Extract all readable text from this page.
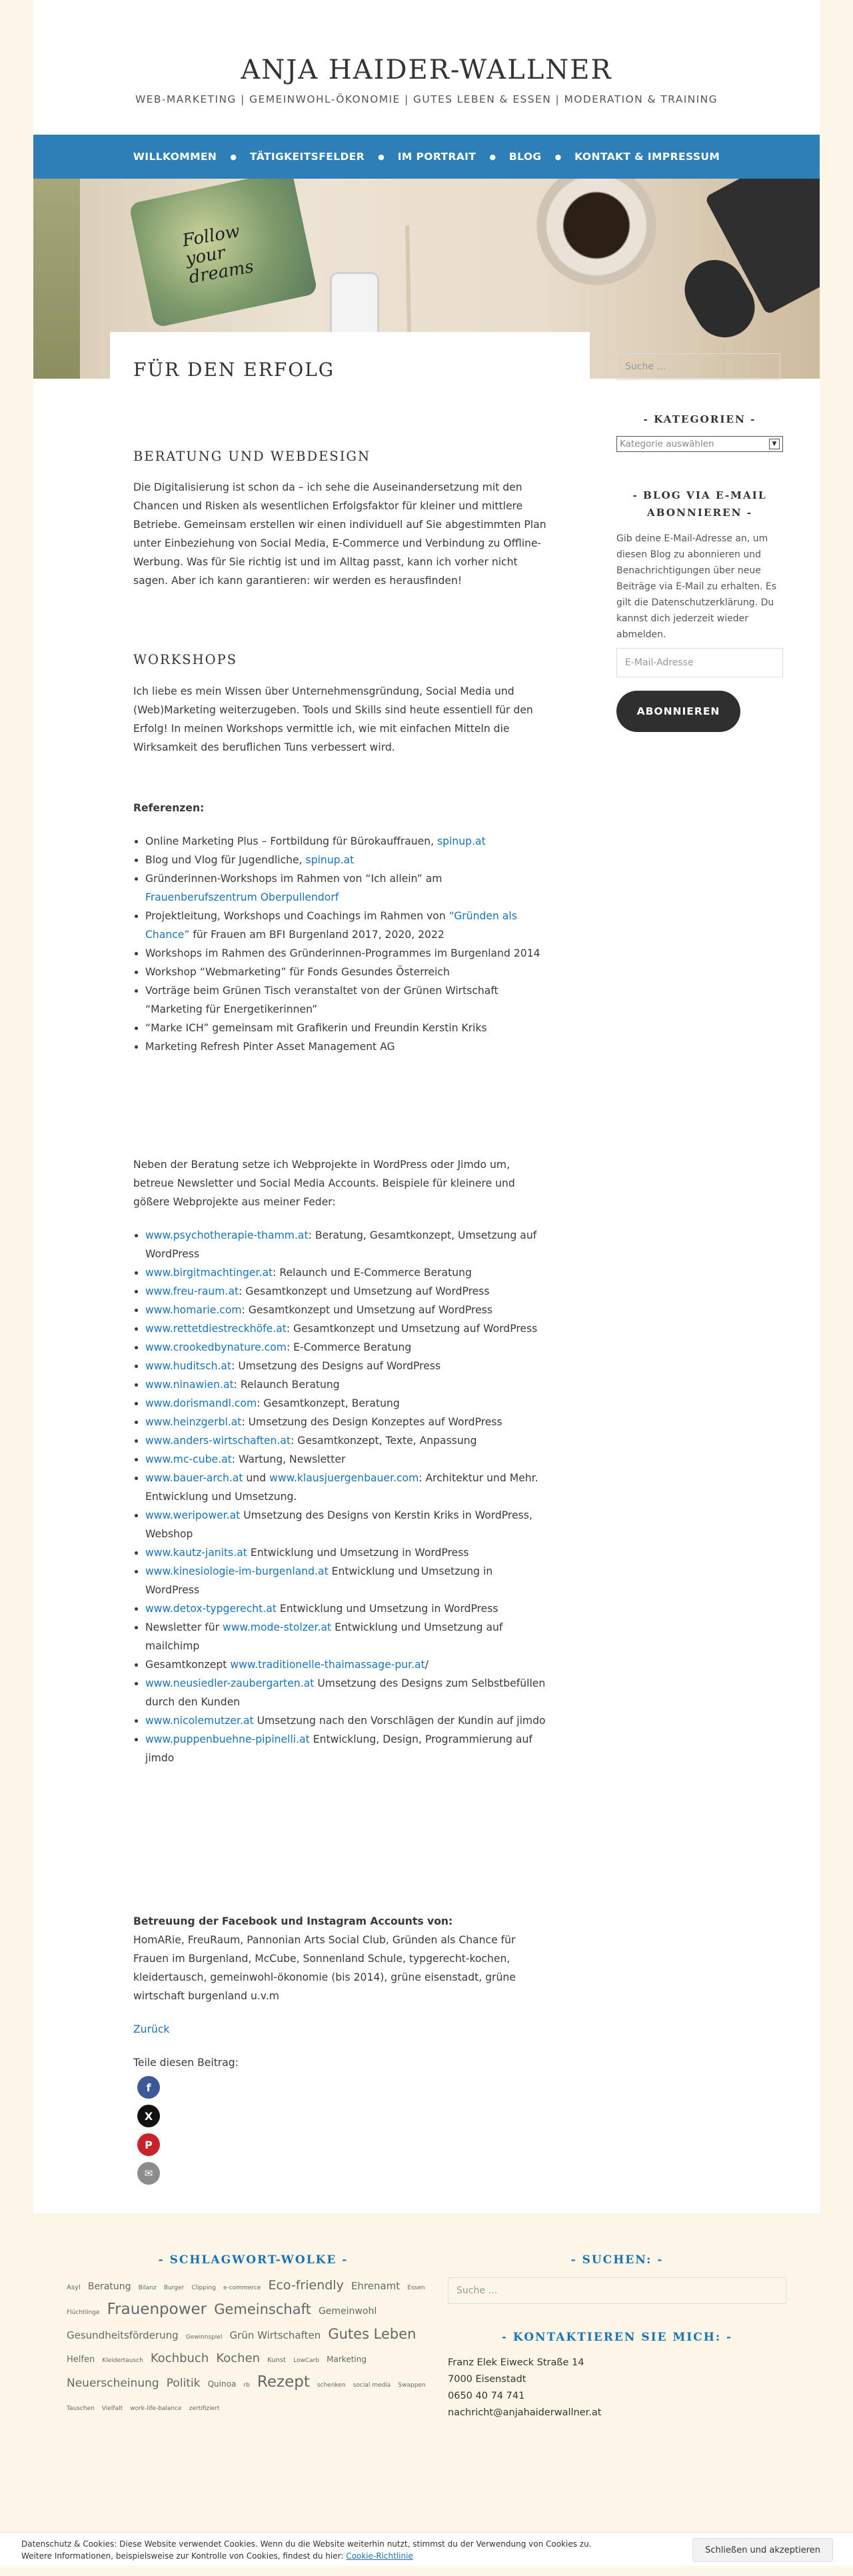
ANJA HAIDER-WALLNER
WEB-MARKETING | GEMEINWOHL-ÖKONOMIE | GUTES LEBEN & ESSEN | MODERATION & TRAINING
WILLKOMMEN	●	TÄTIGKEITSFELDER	●	IM PORTRAIT	●	BLOG	●	KONTAKT & IMPRESSUM
Follow your dreams
FÜR DEN ERFOLG
BERATUNG UND WEBDESIGN

Die Digitalisierung ist schon da – ich sehe die Auseinandersetzung mit den Chancen und Risken als wesentlichen Erfolgsfaktor für kleiner und mittlere Betriebe. Gemeinsam erstellen wir einen individuell auf Sie abgestimmten Plan unter Einbeziehung von Social Media, E-Commerce und Verbindung zu Offline-Werbung. Was für Sie richtig ist und im Alltag passt, kann ich vorher nicht sagen. Aber ich kann garantieren: wir werden es herausfinden!

WORKSHOPS

Ich liebe es mein Wissen über Unternehmensgründung, Social Media und (Web)Marketing weiterzugeben. Tools und Skills sind heute essentiell für den Erfolg! In meinen Workshops vermittle ich, wie mit einfachen Mitteln die Wirksamkeit des beruflichen Tuns verbessert wird.

Referenzen:

• Online Marketing Plus – Fortbildung für Bürokauffrauen, spinup.at
• Blog und Vlog für Jugendliche, spinup.at
• Gründerinnen-Workshops im Rahmen von “Ich allein” am Frauenberufszentrum Oberpullendorf
• Projektleitung, Workshops und Coachings im Rahmen von “Gründen als Chance” für Frauen am BFI Burgenland 2017, 2020, 2022
• Workshops im Rahmen des Gründerinnen-Programmes im Burgenland 2014
• Workshop “Webmarketing” für Fonds Gesundes Österreich
• Vorträge beim Grünen Tisch veranstaltet von der Grünen Wirtschaft “Marketing für Energetikerinnen”
• “Marke ICH” gemeinsam mit Grafikerin und Freundin Kerstin Kriks
• Marketing Refresh Pinter Asset Management AG

Neben der Beratung setze ich Webprojekte in WordPress oder Jimdo um, betreue Newsletter und Social Media Accounts. Beispiele für kleinere und gößere Webprojekte aus meiner Feder:

• www.psychotherapie-thamm.at: Beratung, Gesamtkonzept, Umsetzung auf WordPress
• www.birgitmachtinger.at: Relaunch und E-Commerce Beratung
• www.freu-raum.at: Gesamtkonzept und Umsetzung auf WordPress
• www.homarie.com: Gesamtkonzept und Umsetzung auf WordPress
• www.rettetdiestreckhöfe.at: Gesamtkonzept und Umsetzung auf WordPress
• www.crookedbynature.com: E-Commerce Beratung
• www.huditsch.at: Umsetzung des Designs auf WordPress
• www.ninawien.at: Relaunch Beratung
• www.dorismandl.com: Gesamtkonzept, Beratung
• www.heinzgerbl.at: Umsetzung des Design Konzeptes auf WordPress
• www.anders-wirtschaften.at: Gesamtkonzept, Texte, Anpassung
• www.mc-cube.at: Wartung, Newsletter
• www.bauer-arch.at und www.klausjuergenbauer.com: Architektur und Mehr. Entwicklung und Umsetzung.
• www.weripower.at Umsetzung des Designs von Kerstin Kriks in WordPress, Webshop
• www.kautz-janits.at Entwicklung und Umsetzung in WordPress
• www.kinesiologie-im-burgenland.at Entwicklung und Umsetzung in WordPress
• www.detox-typgerecht.at Entwicklung und Umsetzung in WordPress
• Newsletter für www.mode-stolzer.at Entwicklung und Umsetzung auf mailchimp
• Gesamtkonzept www.traditionelle-thaimassage-pur.at/
• www.neusiedler-zaubergarten.at Umsetzung des Designs zum Selbstbefüllen durch den Kunden
• www.nicolemutzer.at Umsetzung nach den Vorschlägen der Kundin auf jimdo
• www.puppenbuehne-pipinelli.at Entwicklung, Design, Programmierung auf jimdo

Betreuung der Facebook und Instagram Accounts von:

HomARie, FreuRaum, Pannonian Arts Social Club, Gründen als Chance für Frauen im Burgenland, McCube, Sonnenland Schule, typgerecht-kochen, kleidertausch, gemeinwohl-ökonomie (bis 2014), grüne eisenstadt, grüne wirtschaft burgenland u.v.m

Zurück

Teile diesen Beitrag:

f
X
P
✉
Suche …
- KATEGORIEN -
Kategorie auswählen	▼
- BLOG VIA E-MAIL ABONNIEREN -
Gib deine E-Mail-Adresse an, um diesen Blog zu abonnieren und Benachrichtigungen über neue Beiträge via E-Mail zu erhalten. Es gilt die Datenschutzerklärung. Du kannst dich jederzeit wieder abmelden.
E-Mail-Adresse
ABONNIEREN
- SCHLAGWORT-WOLKE -
Asyl Beratung Bilanz Burger Clipping e-commerce Eco-friendly Ehrenamt Essen Flüchtlinge Frauenpower Gemeinschaft Gemeinwohl Gesundheitsförderung Gewinnspiel Grün Wirtschaften Gutes Leben Helfen Kleidertausch Kochbuch Kochen Kunst LowCarb Marketing Neuerscheinung Politik Quinoa rb Rezept schenken social media Swappen Tauschen Vielfalt work-life-balance zertifiziert
- SUCHEN: -
Suche …
- KONTAKTIEREN SIE MICH: -
Franz Elek Eiweck Straße 14
7000 Eisenstadt
0650 40 74 741
nachricht@anjahaiderwallner.at
Datenschutz & Cookies: Diese Website verwendet Cookies. Wenn du die Website weiterhin nutzt, stimmst du der Verwendung von Cookies zu.
Weitere Informationen, beispielsweise zur Kontrolle von Cookies, findest du hier: Cookie-Richtlinie
Schließen und akzeptieren
